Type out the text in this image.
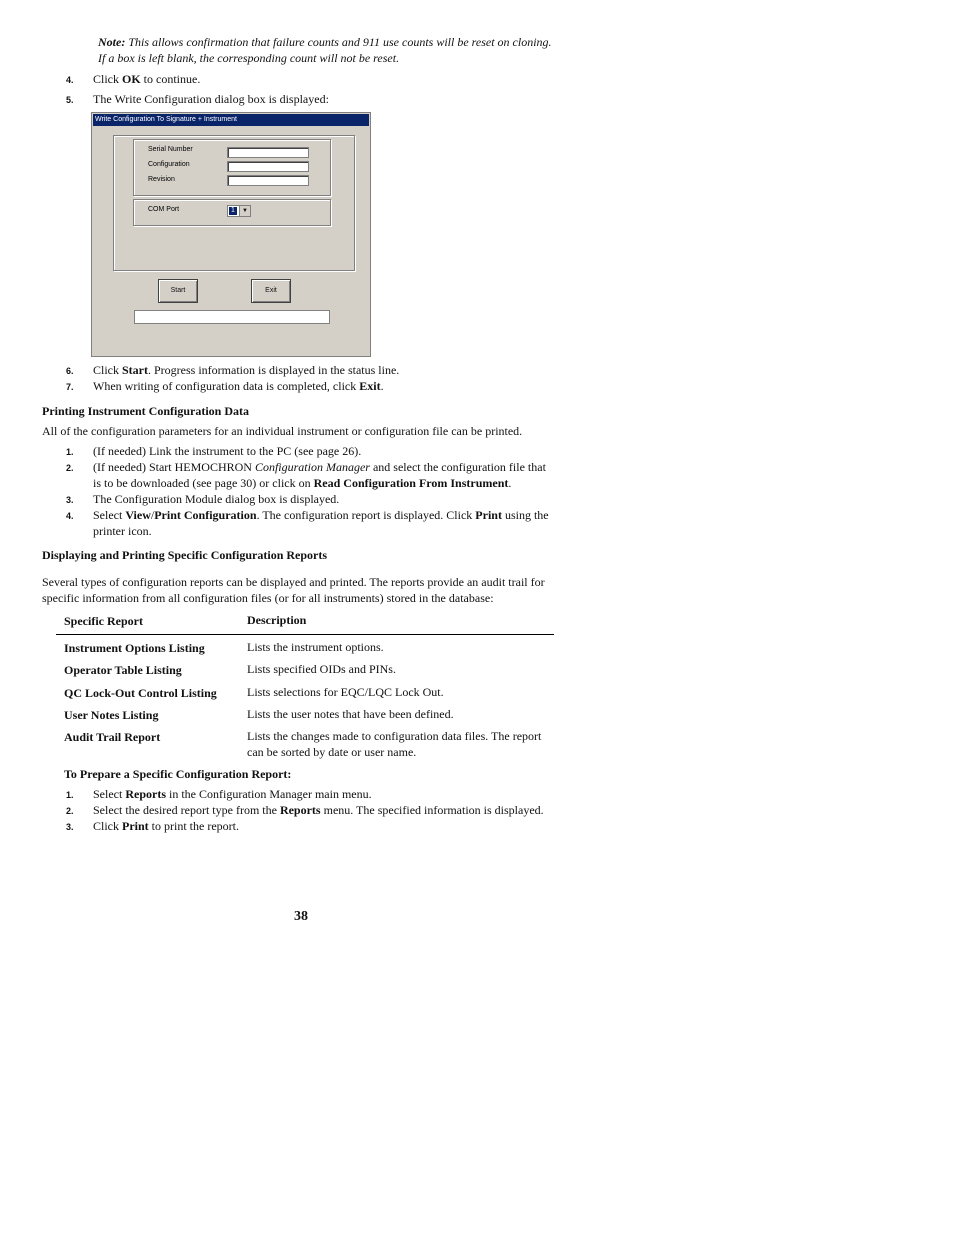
Note: This allows confirmation that failure counts and 911 use counts will be reset on cloning. If a box is left blank, the corresponding count will not be reset.
4. Click OK to continue.
5. The Write Configuration dialog box is displayed:
Write Configuration To Signature + Instrument
Serial Number
Configuration
Revision
COM Port	1	▼
Start	Exit
6. Click Start. Progress information is displayed in the status line.
7. When writing of configuration data is completed, click Exit.
Printing Instrument Configuration Data
All of the configuration parameters for an individual instrument or configuration file can be printed.
1. (If needed) Link the instrument to the PC (see page 26).
2. (If needed) Start HEMOCHRON Configuration Manager and select the configuration file that is to be downloaded (see page 30) or click on Read Configuration From Instrument.
3. The Configuration Module dialog box is displayed.
4. Select View/Print Configuration. The configuration report is displayed. Click Print using the printer icon.
Displaying and Printing Specific Configuration Reports
Several types of configuration reports can be displayed and printed. The reports provide an audit trail for specific information from all configuration files (or for all instruments) stored in the database:
Specific Report	Description
Instrument Options Listing	Lists the instrument options.
Operator Table Listing	Lists specified OIDs and PINs.
QC Lock-Out Control Listing	Lists selections for EQC/LQC Lock Out.
User Notes Listing	Lists the user notes that have been defined.
Audit Trail Report	Lists the changes made to configuration data files. The report can be sorted by date or user name.
To Prepare a Specific Configuration Report:
1. Select Reports in the Configuration Manager main menu.
2. Select the desired report type from the Reports menu. The specified information is displayed.
3. Click Print to print the report.
38
